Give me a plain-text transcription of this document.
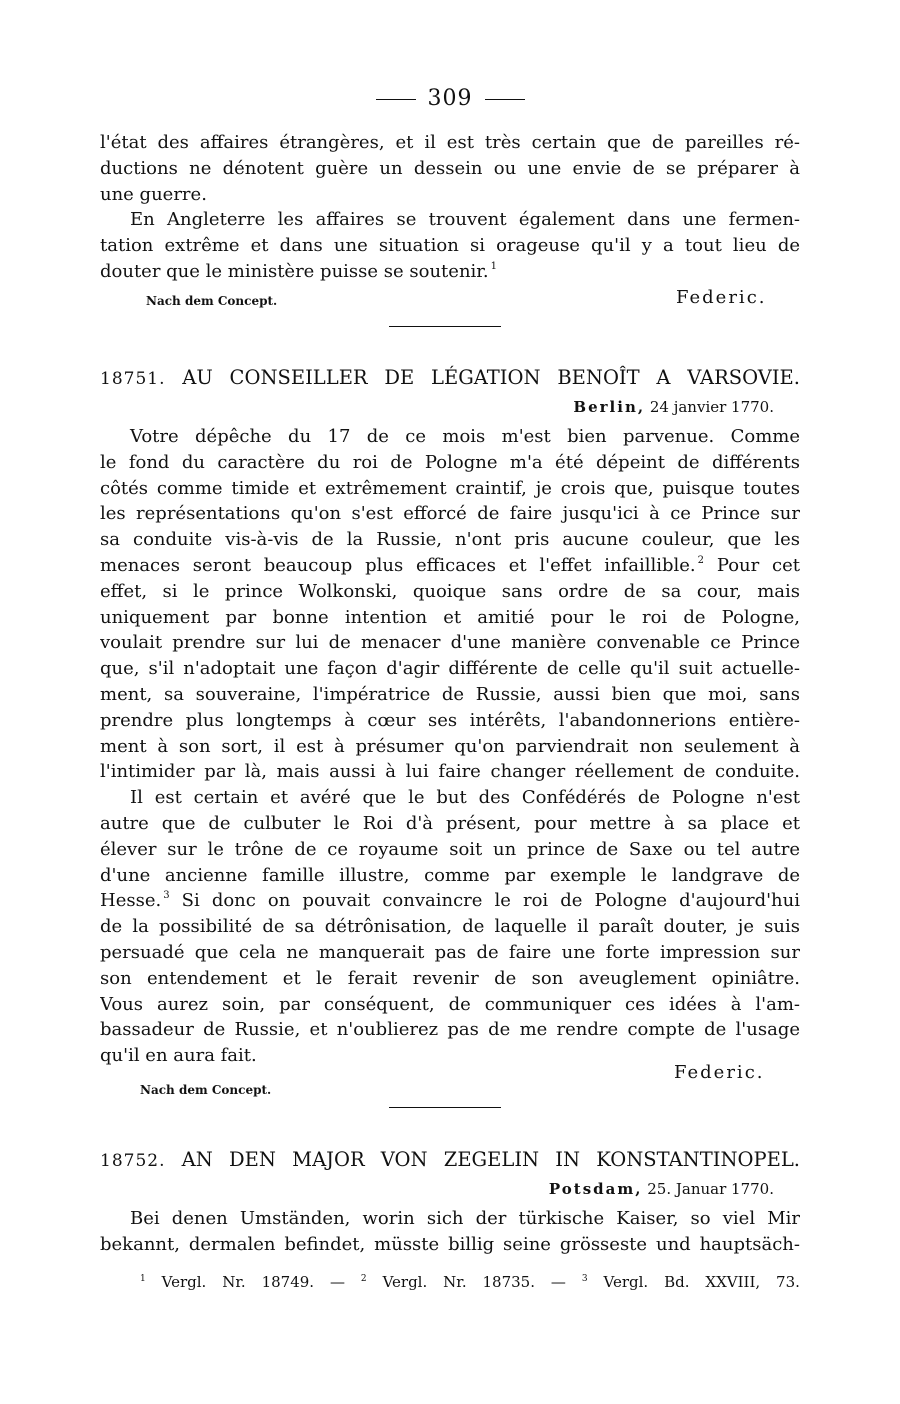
309
l'état des affaires étrangères, et il est très certain que de pareilles ré-
ductions ne dénotent guère un dessein ou une envie de se préparer à
une guerre.
En Angleterre les affaires se trouvent également dans une fermen-
tation extrême et dans une situation si orageuse qu'il y a tout lieu de
douter que le ministère puisse se soutenir. $^1$
Nach dem Concept.	Federic.
18751. AU CONSEILLER DE LÉGATION BENOÎT A VARSOVIE.
Berlin, 24 janvier 1770.
Votre dépêche du 17 de ce mois m'est bien parvenue. Comme
le fond du caractère du roi de Pologne m'a été dépeint de différents
côtés comme timide et extrêmement craintif, je crois que, puisque toutes
les représentations qu'on s'est efforcé de faire jusqu'ici à ce Prince sur
sa conduite vis-à-vis de la Russie, n'ont pris aucune couleur, que les
menaces seront beaucoup plus efficaces et l'effet infaillible. $^2$ Pour cet
effet, si le prince Wolkonski, quoique sans ordre de sa cour, mais
uniquement par bonne intention et amitié pour le roi de Pologne,
voulait prendre sur lui de menacer d'une manière convenable ce Prince
que, s'il n'adoptait une façon d'agir différente de celle qu'il suit actuelle-
ment, sa souveraine, l'impératrice de Russie, aussi bien que moi, sans
prendre plus longtemps à cœur ses intérêts, l'abandonnerions entière-
ment à son sort, il est à présumer qu'on parviendrait non seulement à
l'intimider par là, mais aussi à lui faire changer réellement de conduite.
Il est certain et avéré que le but des Confédérés de Pologne n'est
autre que de culbuter le Roi d'à présent, pour mettre à sa place et
élever sur le trône de ce royaume soit un prince de Saxe ou tel autre
d'une ancienne famille illustre, comme par exemple le landgrave de
Hesse. $^3$ Si donc on pouvait convaincre le roi de Pologne d'aujourd'hui
de la possibilité de sa détrônisation, de laquelle il paraît douter, je suis
persuadé que cela ne manquerait pas de faire une forte impression sur
son entendement et le ferait revenir de son aveuglement opiniâtre.
Vous aurez soin, par conséquent, de communiquer ces idées à l'am-
bassadeur de Russie, et n'oublierez pas de me rendre compte de l'usage
qu'il en aura fait.
Federic.
Nach dem Concept.
18752. AN DEN MAJOR VON ZEGELIN IN KONSTANTINOPEL.
Potsdam, 25. Januar 1770.
Bei denen Umständen, worin sich der türkische Kaiser, so viel Mir
bekannt, dermalen befindet, müsste billig seine grösseste und hauptsäch-
$^1$ Vergl. Nr. 18749. — $^2$ Vergl. Nr. 18735. — $^3$ Vergl. Bd. XXVIII, 73.
